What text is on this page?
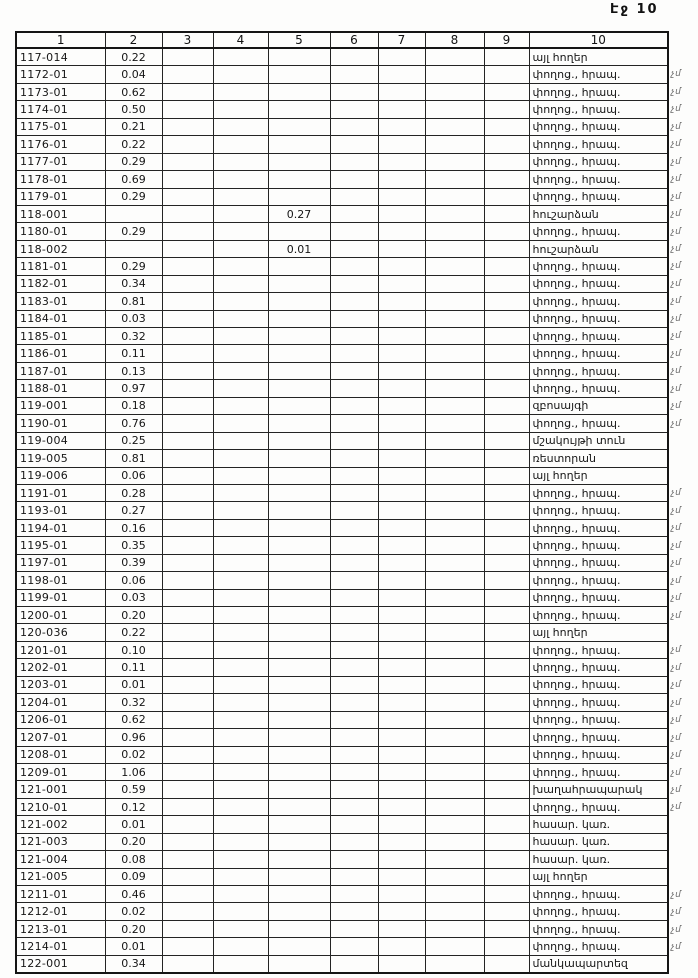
Էջ 10
1	2	3	4	5	6	7	8	9	10
117-014	0.22								այլ հողեր
1172-01	0.04								փողոց., հրապ.
1173-01	0.62								փողոց., հրապ.
1174-01	0.50								փողոց., հրապ.
1175-01	0.21								փողոց., հրապ.
1176-01	0.22								փողոց., հրապ.
1177-01	0.29								փողոց., հրապ.
1178-01	0.69								փողոց., հրապ.
1179-01	0.29								փողոց., հրապ.
118-001				0.27					հուշարձան
1180-01	0.29								փողոց., հրապ.
118-002				0.01					հուշարձան
1181-01	0.29								փողոց., հրապ.
1182-01	0.34								փողոց., հրապ.
1183-01	0.81								փողոց., հրապ.
1184-01	0.03								փողոց., հրապ.
1185-01	0.32								փողոց., հրապ.
1186-01	0.11								փողոց., հրապ.
1187-01	0.13								փողոց., հրապ.
1188-01	0.97								փողոց., հրապ.
119-001	0.18								զբոսայգի
1190-01	0.76								փողոց., հրապ.
119-004	0.25								մշակույթի տուն
119-005	0.81								ռեստորան
119-006	0.06								այլ հողեր
1191-01	0.28								փողոց., հրապ.
1193-01	0.27								փողոց., հրապ.
1194-01	0.16								փողոց., հրապ.
1195-01	0.35								փողոց., հրապ.
1197-01	0.39								փողոց., հրապ.
1198-01	0.06								փողոց., հրապ.
1199-01	0.03								փողոց., հրապ.
1200-01	0.20								փողոց., հրապ.
120-036	0.22								այլ հողեր
1201-01	0.10								փողոց., հրապ.
1202-01	0.11								փողոց., հրապ.
1203-01	0.01								փողոց., հրապ.
1204-01	0.32								փողոց., հրապ.
1206-01	0.62								փողոց., հրապ.
1207-01	0.96								փողոց., հրապ.
1208-01	0.02								փողոց., հրապ.
1209-01	1.06								փողոց., հրապ.
121-001	0.59								խաղահրապարակ
1210-01	0.12								փողոց., հրապ.
121-002	0.01								հասար. կառ.
121-003	0.20								հասար. կառ.
121-004	0.08								հասար. կառ.
121-005	0.09								այլ հողեր
1211-01	0.46								փողոց., հրապ.
1212-01	0.02								փողոց., հրապ.
1213-01	0.20								փողոց., հրապ.
1214-01	0.01								փողոց., հրապ.
122-001	0.34								մանկապարտեզ
չմ
չմ
չմ
չմ
չմ
չմ
չմ
չմ
չմ
չմ
չմ
չմ
չմ
չմ
չմ
չմ
չմ
չմ
չմ
չմ
չմ
չմ
չմ
չմ
չմ
չմ
չմ
չմ
չմ
չմ
չմ
չմ
չմ
չմ
չմ
չմ
չմ
չմ
չմ
չմ
չմ
չմ
չմ
